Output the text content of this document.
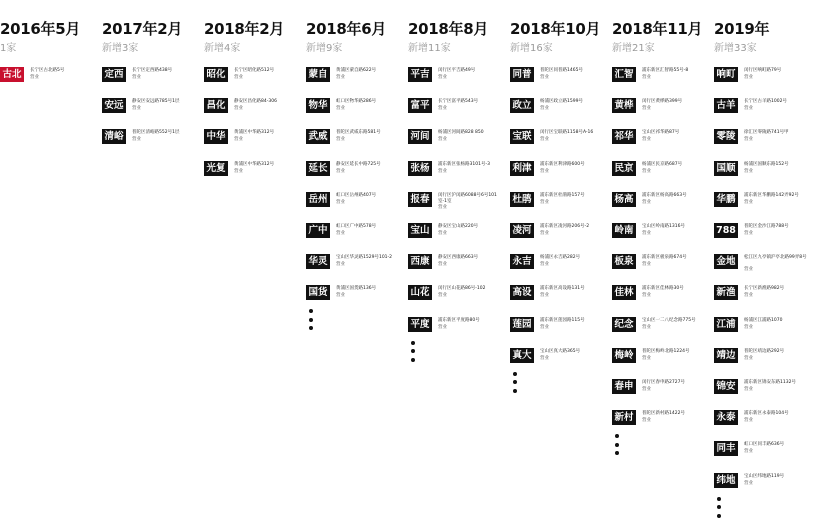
2016年5月
1家
古北	长宁区古北路5号
营业
2017年2月
新增3家
定西	长宁区定西路438号
营业
安远	静安区安远路785号1层
营业
清峪	普陀区清峪路552号1层
营业
2018年2月
新增4家
昭化	长宁区昭化路512号
营业
昌化	静安区昌化路84-306
营业
中华	黄浦区中华路312号
营业
光复	黄浦区中华路312号
营业
2018年6月
新增9家
蒙自	黄浦区蒙自路622号
营业
物华	虹口区物华路286号
营业
武威	普陀区武威东路581号
营业
延长	静安区延长中路725号
营业
岳州	虹口区岳州路407号
营业
广中	虹口区广中路578号
营业
华灵	宝山区华灵路1529号101-2
营业
国货	黄浦区国货路136号
营业
2018年8月
新增11家
平吉	闵行区平吉路49号
营业
富平	长宁区富平路543号
营业
河间	杨浦区河间路828 850
营业
张杨	浦东新区张杨路3101号-3
营业
报春	闵行区沪闵路6088号6号101室-1室
营业
宝山	静安区宝山路220号
营业
西康	静安区西康路663号
营业
山花	闵行区山花路86号-102
营业
平度	浦东新区平度路80号
营业
2018年10月
新增16家
同普	普陀区同普路1465号
营业
政立	杨浦区政立路1599号
营业
宝联	闵行区宝联路1158号A-16
营业
利津	浦东新区利津路600号
营业
杜鹃	浦东新区杜鹃路157号
营业
凌河	浦东新区凌河路206号-2
营业
永吉	杨浦区永吉路282号
营业
高设	浦东新区高设路131号
营业
莲园	浦东新区莲园路115号
营业
真大	宝山区真大路365号
营业
2018年11月
新增21家
汇智	浦东新区汇智路55号-8
营业
黄桦	闵行区黄桦路399号
营业
祁华	宝山区祁华路87号
营业
民京	杨浦区民京路687号
营业
杨高	浦东新区杨高路663号
营业
岭南	宝山区岭南路1316号
营业
板泉	浦东新区板泉路674号
营业
佳林	浦东新区佳林路30号
营业
纪念	宝山区一二八纪念路775号
营业
梅岭	普陀区梅岭北路1224号
营业
春申	闵行区春申路2727号
营业
新村	普陀区新村路1422号
营业
2019年
新增33家
响町	闵行区响町路79号
营业
古羊	长宁区古羊路1002号
营业
零陵	徐汇区零陵路741号甲
营业
国顺	杨浦区国顺东路152号
营业
华鹏	浦东新区华鹏路142弄92号
营业
788	普陀区金沙江路788号
营业
金地	松江区九亭镇沪亭北路99弄8号
营业
新渔	长宁区新渔路982号
营业
江浦	杨浦区江浦路1070
营业
靖边	普陀区靖边路292号
营业
锦安	浦东新区锦安东路1132号
营业
永泰	浦东新区永泰路104号
营业
同丰	虹口区同丰路636号
营业
纬地	宝山区纬地路119号
营业
